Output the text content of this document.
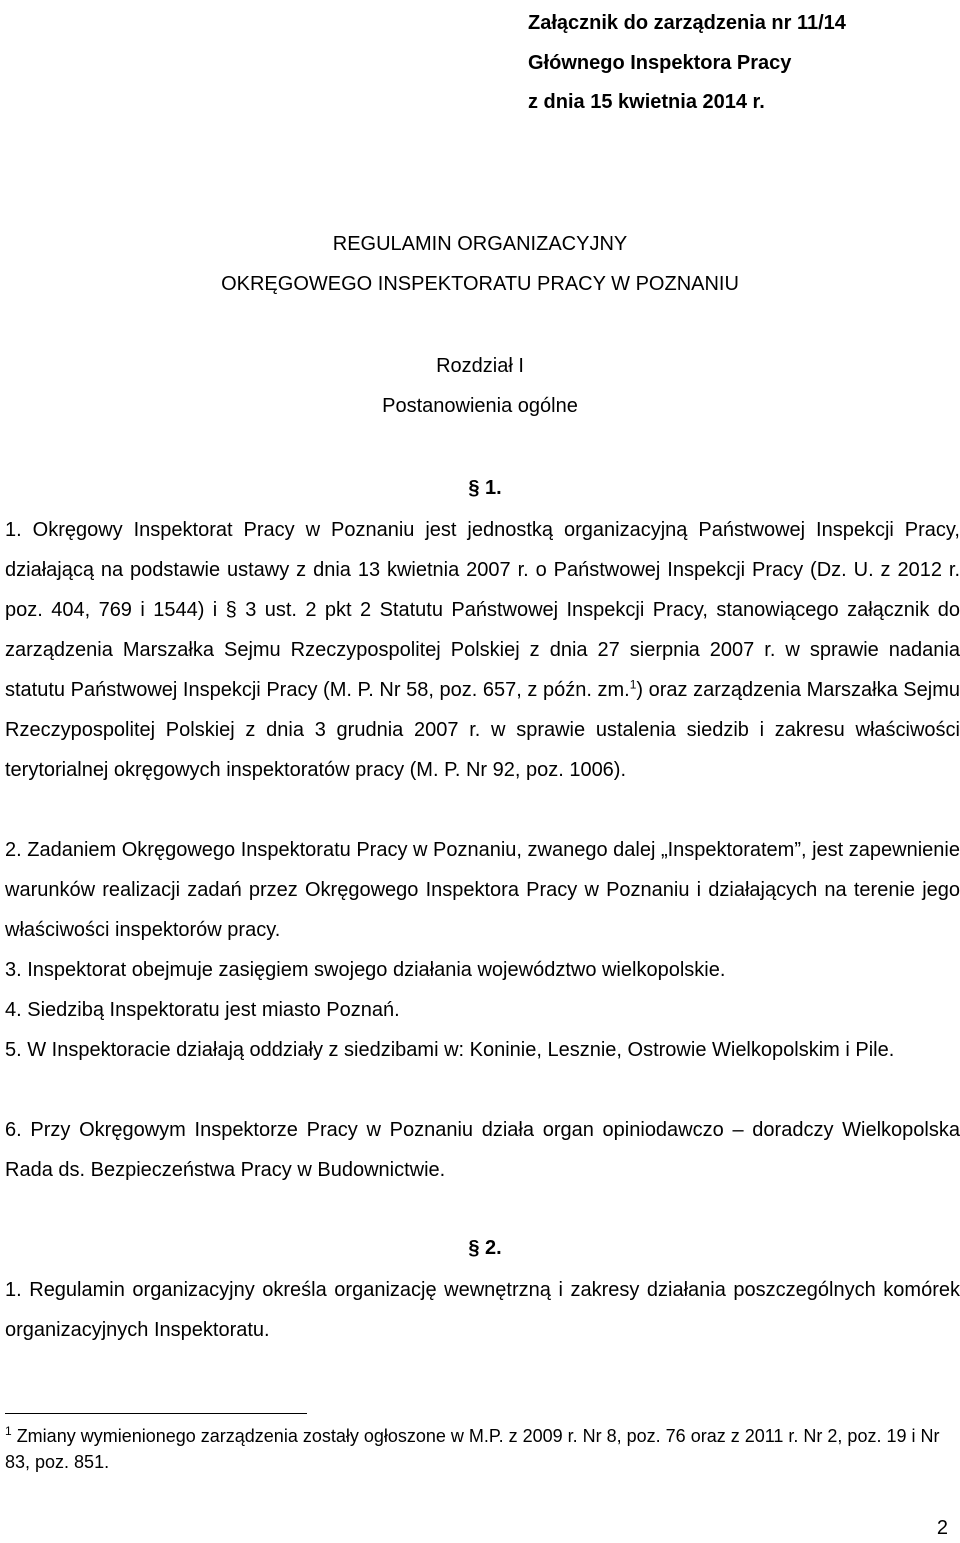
Załącznik do zarządzenia nr 11/14
Głównego Inspektora Pracy
z dnia 15 kwietnia 2014 r.
REGULAMIN ORGANIZACYJNY
OKRĘGOWEGO INSPEKTORATU PRACY W POZNANIU
Rozdział I
Postanowienia ogólne
§ 1.

1. Okręgowy Inspektorat Pracy w Poznaniu jest jednostką organizacyjną Państwowej Inspekcji Pracy, działającą na podstawie ustawy z dnia 13 kwietnia 2007 r. o Państwowej Inspekcji Pracy (Dz. U. z 2012 r. poz. 404, 769 i 1544) i § 3 ust. 2 pkt 2 Statutu Państwowej Inspekcji Pracy, stanowiącego załącznik do zarządzenia Marszałka Sejmu Rzeczypospolitej Polskiej z dnia 27 sierpnia 2007 r. w sprawie nadania statutu Państwowej Inspekcji Pracy (M. P. Nr 58, poz. 657, z późn. zm.$^1$) oraz zarządzenia Marszałka Sejmu Rzeczypospolitej Polskiej z dnia 3 grudnia 2007 r. w sprawie ustalenia siedzib i zakresu właściwości terytorialnej okręgowych inspektoratów pracy (M. P. Nr 92, poz. 1006).

2. Zadaniem Okręgowego Inspektoratu Pracy w Poznaniu, zwanego dalej „Inspektoratem”, jest zapewnienie warunków realizacji zadań przez Okręgowego Inspektora Pracy w Poznaniu i działających na terenie jego właściwości inspektorów pracy.

3. Inspektorat obejmuje zasięgiem swojego działania województwo wielkopolskie.

4. Siedzibą Inspektoratu jest miasto Poznań.

5. W Inspektoracie działają oddziały z siedzibami w: Koninie, Lesznie, Ostrowie Wielkopolskim i Pile.

6. Przy Okręgowym Inspektorze Pracy w Poznaniu działa organ opiniodawczo – doradczy Wielkopolska Rada ds. Bezpieczeństwa Pracy w Budownictwie.

§ 2.

1. Regulamin organizacyjny określa organizację wewnętrzną i zakresy działania poszczególnych komórek organizacyjnych Inspektoratu.

$^1$ Zmiany wymienionego zarządzenia zostały ogłoszone w M.P. z 2009 r. Nr 8, poz. 76 oraz z 2011 r. Nr 2, poz. 19 i Nr 83, poz. 851.
2
